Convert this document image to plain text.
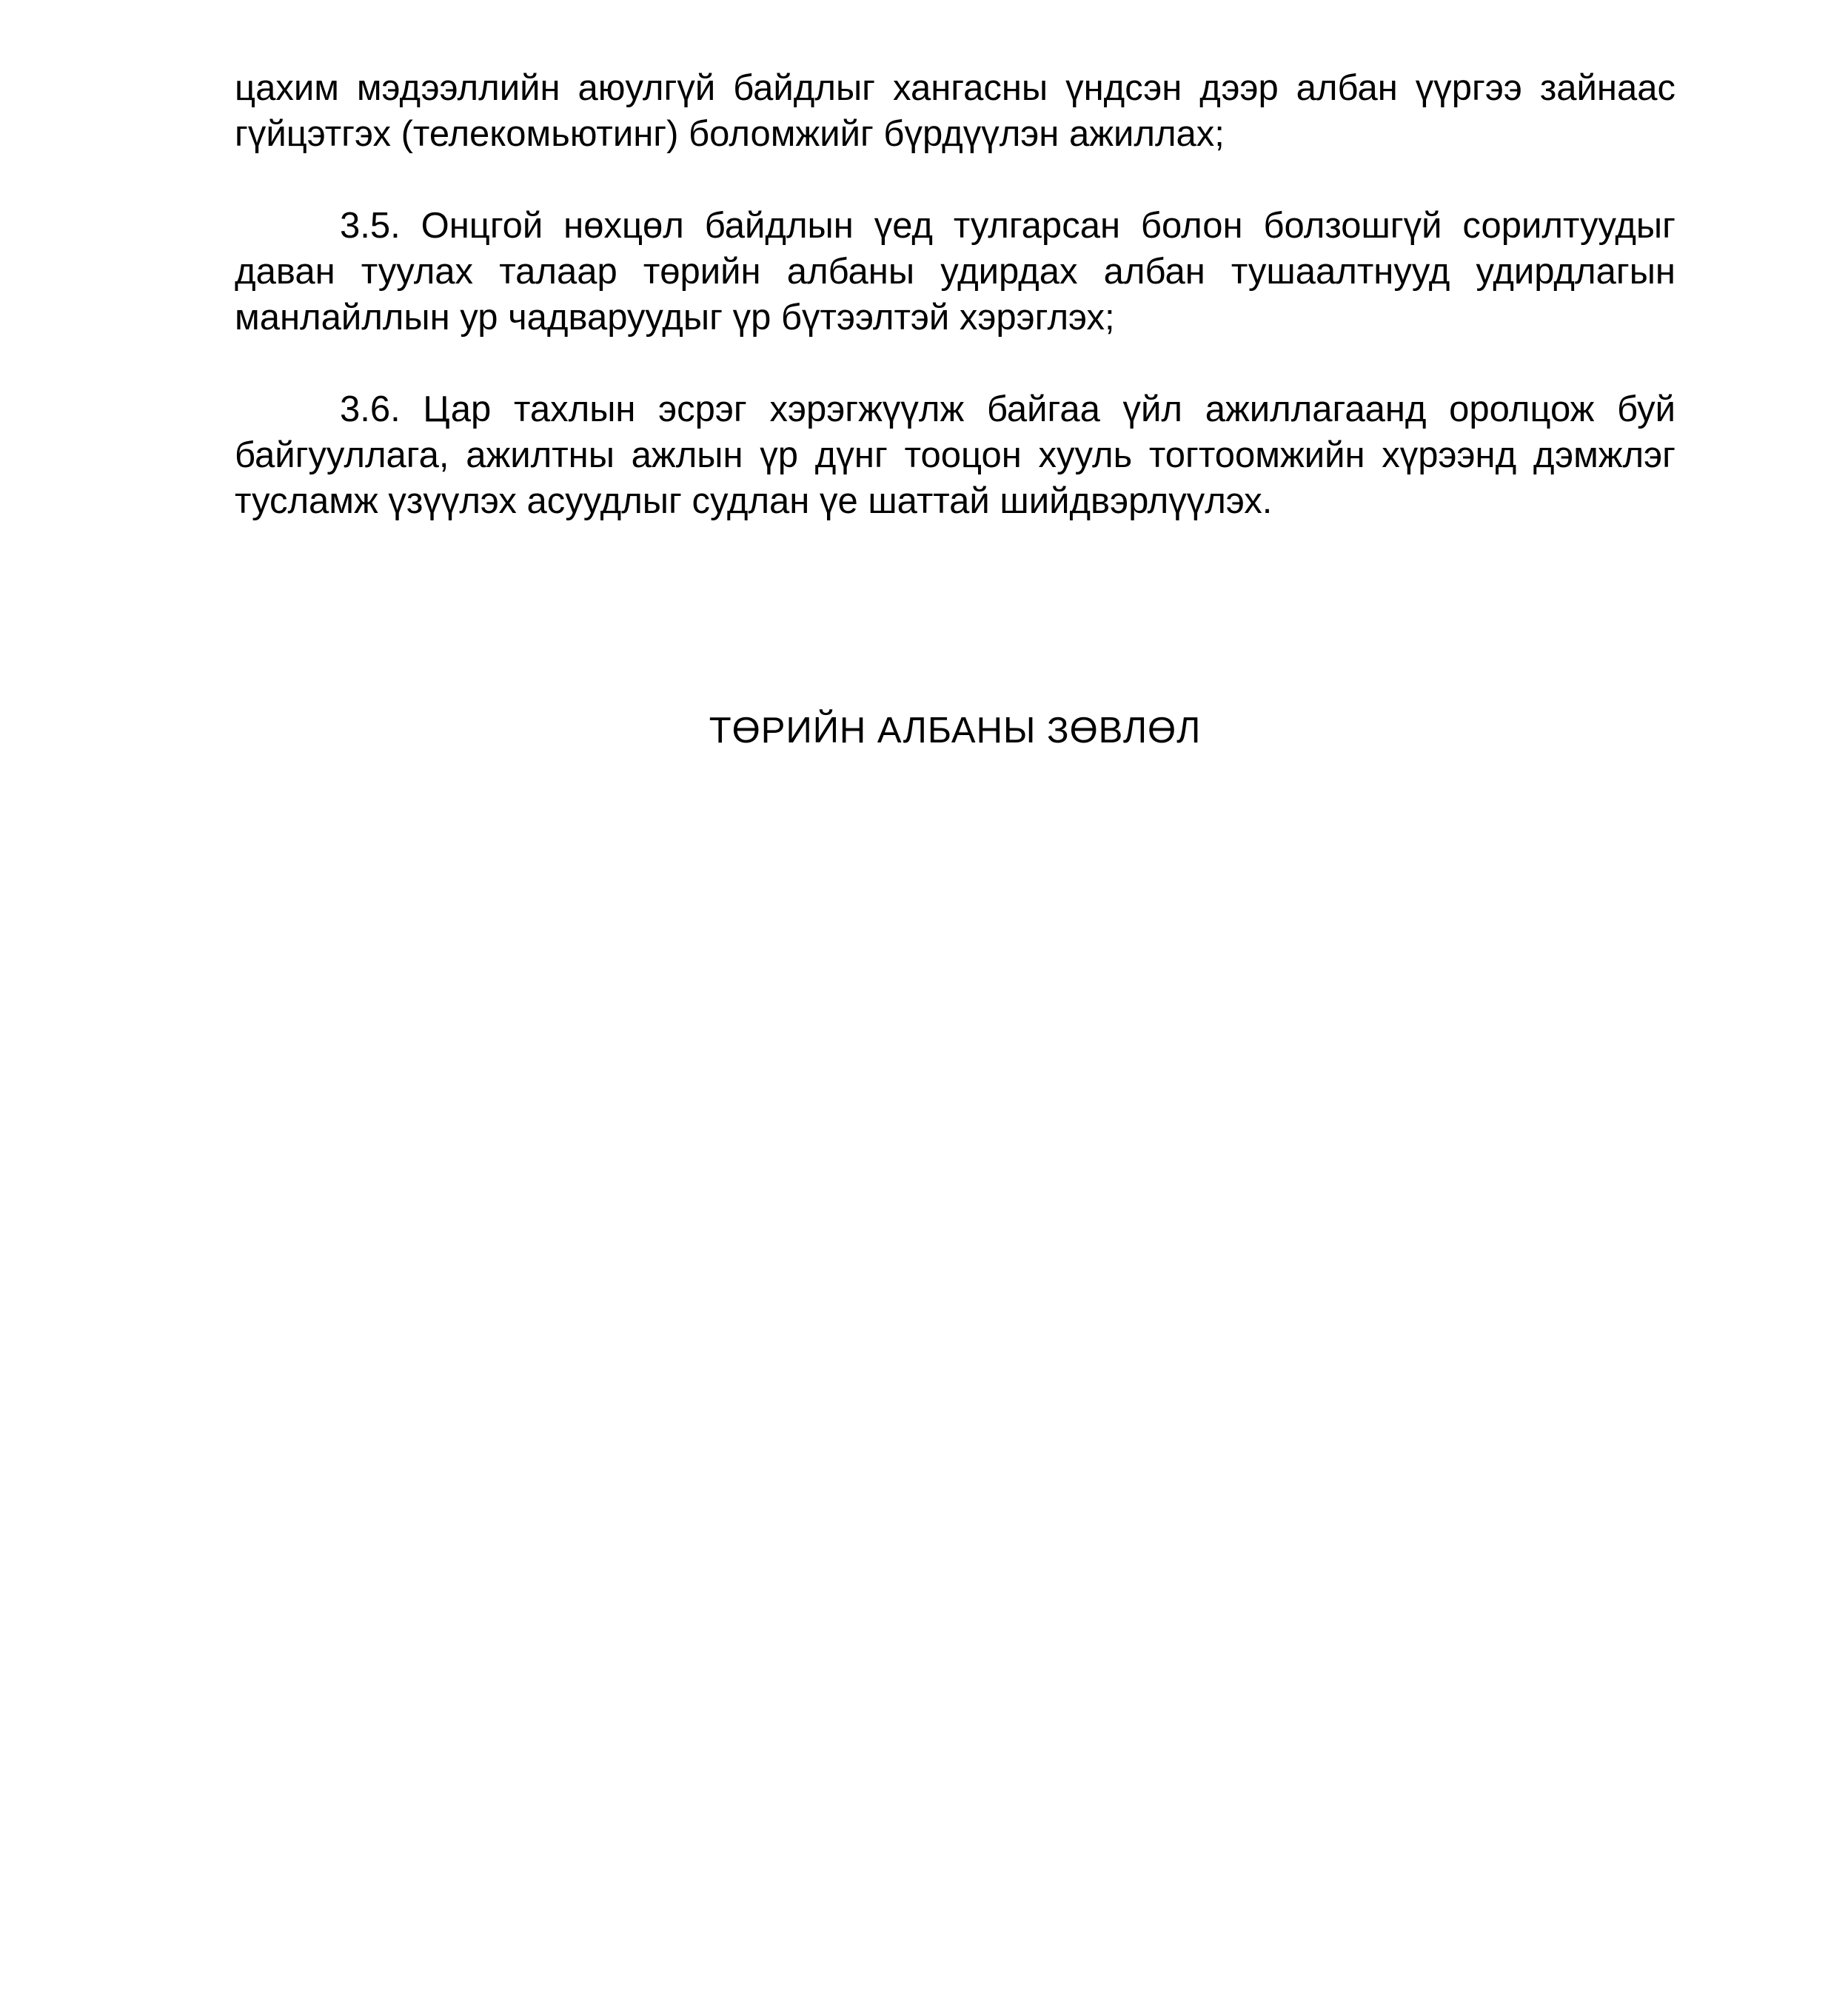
цахим мэдээллийн аюулгүй байдлыг хангасны үндсэн дээр албан үүргээ зайнаас
гүйцэтгэх (телекомьютинг) боломжийг бүрдүүлэн ажиллах;

3.5. Онцгой нөхцөл байдлын үед тулгарсан болон болзошгүй сорилтуудыг
даван туулах талаар төрийн албаны удирдах албан тушаалтнууд удирдлагын
манлайллын ур чадваруудыг үр бүтээлтэй хэрэглэх;

3.6. Цар тахлын эсрэг хэрэгжүүлж байгаа үйл ажиллагаанд оролцож буй
байгууллага, ажилтны ажлын үр дүнг тооцон хууль тогтоомжийн хүрээнд дэмжлэг
тусламж үзүүлэх асуудлыг судлан үе шаттай шийдвэрлүүлэх.

ТӨРИЙН АЛБАНЫ ЗӨВЛӨЛ
